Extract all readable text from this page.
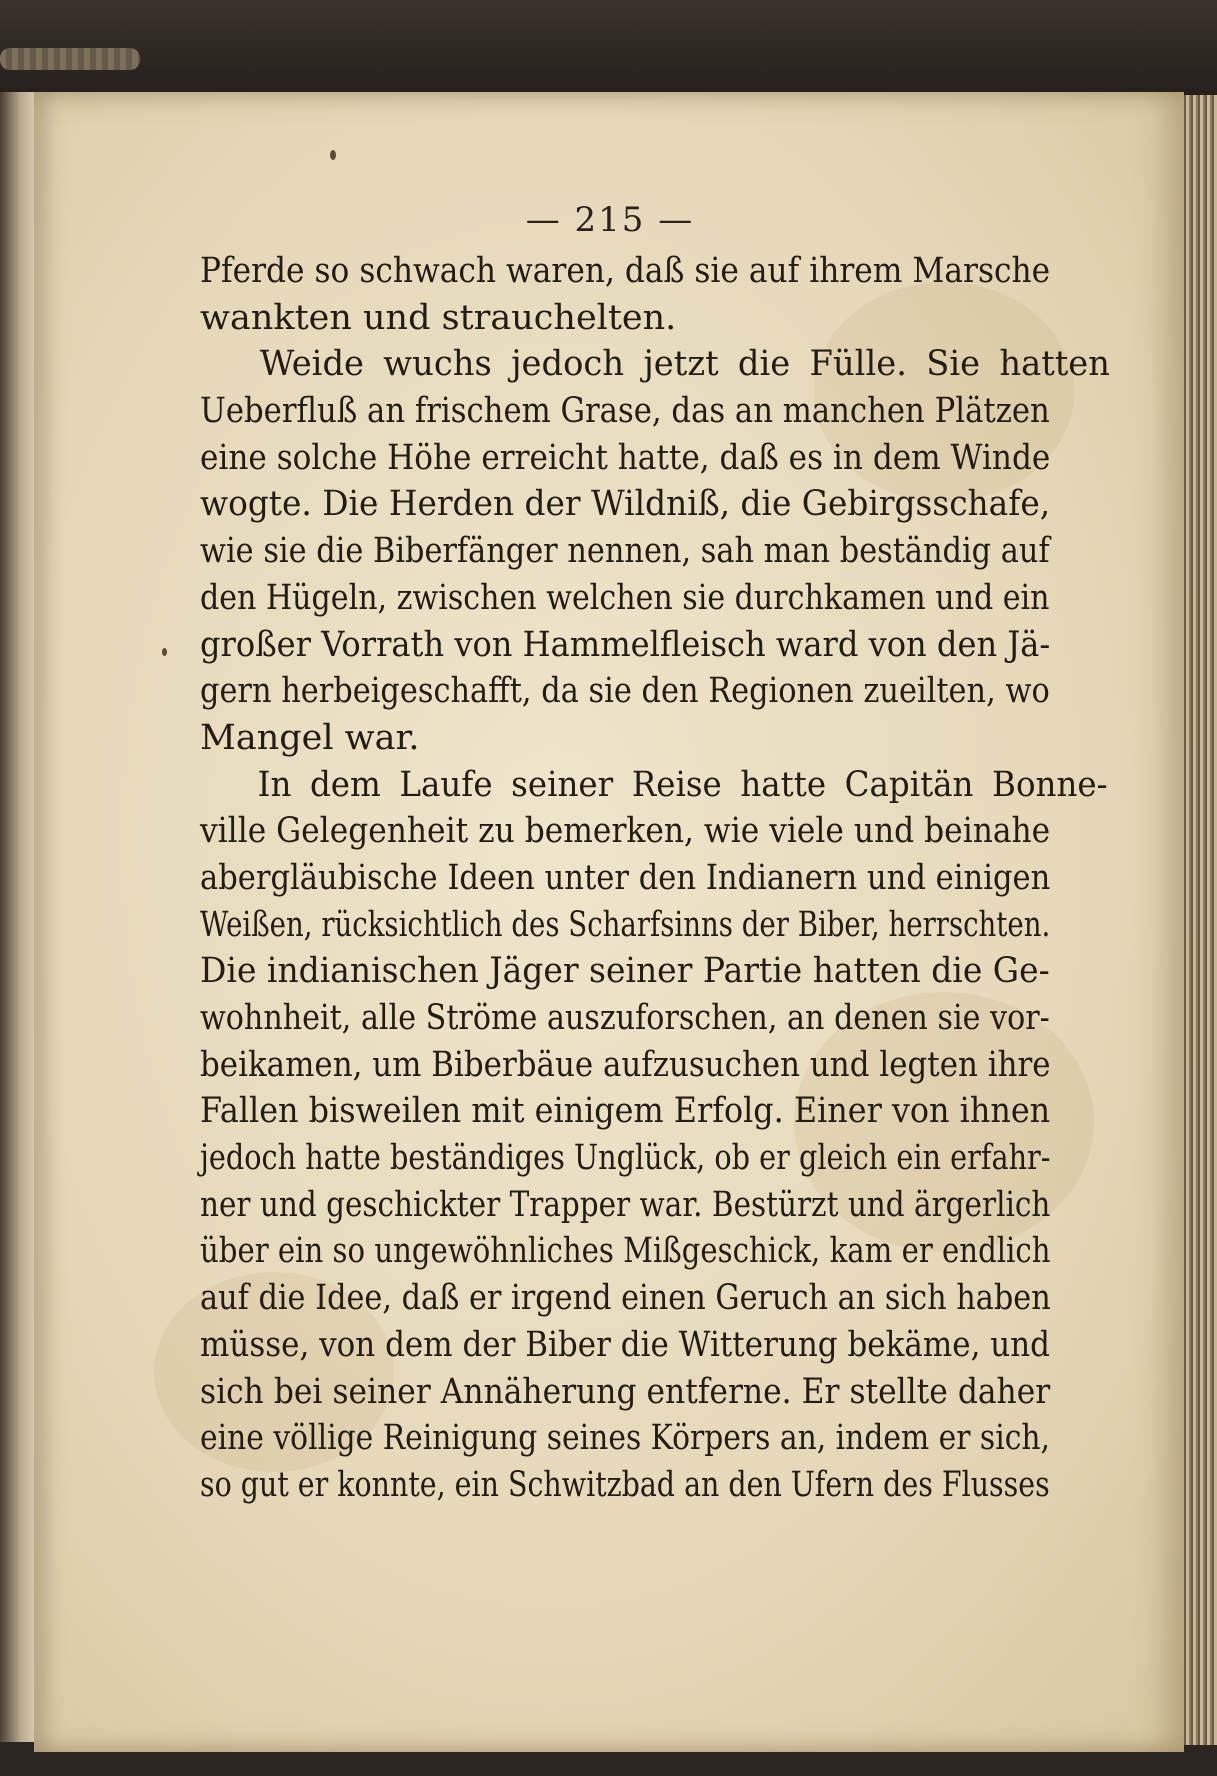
— 215 —
Pferde so schwach waren, daß sie auf ihrem Marsche
wankten und strauchelten.
Weide wuchs jedoch jetzt die Fülle. Sie hatten
Ueberfluß an frischem Grase, das an manchen Plätzen
eine solche Höhe erreicht hatte, daß es in dem Winde
wogte. Die Herden der Wildniß, die Gebirgsschafe,
wie sie die Biberfänger nennen, sah man beständig auf
den Hügeln, zwischen welchen sie durchkamen und ein
großer Vorrath von Hammelfleisch ward von den Jä-
gern herbeigeschafft, da sie den Regionen zueilten, wo
Mangel war.
In dem Laufe seiner Reise hatte Capitän Bonne-
ville Gelegenheit zu bemerken, wie viele und beinahe
abergläubische Ideen unter den Indianern und einigen
Weißen, rücksichtlich des Scharfsinns der Biber, herrschten.
Die indianischen Jäger seiner Partie hatten die Ge-
wohnheit, alle Ströme auszuforschen, an denen sie vor-
beikamen, um Biberbäue aufzusuchen und legten ihre
Fallen bisweilen mit einigem Erfolg. Einer von ihnen
jedoch hatte beständiges Unglück, ob er gleich ein erfahr-
ner und geschickter Trapper war. Bestürzt und ärgerlich
über ein so ungewöhnliches Mißgeschick, kam er endlich
auf die Idee, daß er irgend einen Geruch an sich haben
müsse, von dem der Biber die Witterung bekäme, und
sich bei seiner Annäherung entferne. Er stellte daher
eine völlige Reinigung seines Körpers an, indem er sich,
so gut er konnte, ein Schwitzbad an den Ufern des Flusses
